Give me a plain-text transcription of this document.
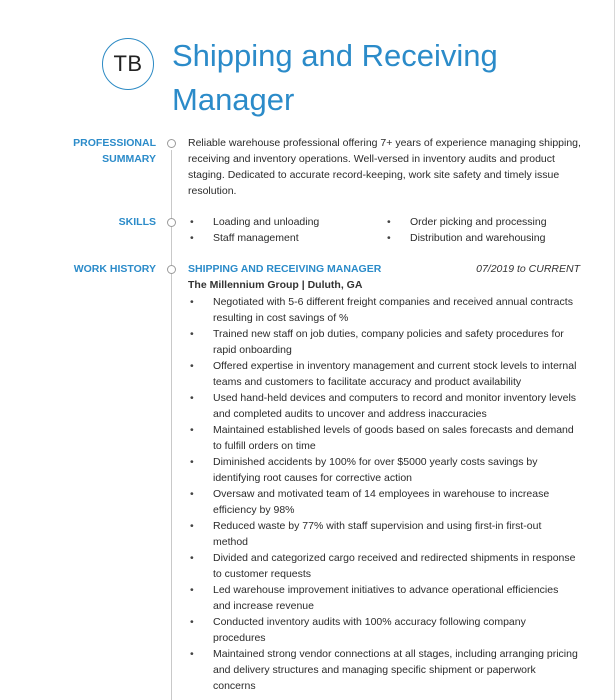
TB Shipping and Receiving Manager
PROFESSIONAL SUMMARY
Reliable warehouse professional offering 7+ years of experience managing shipping, receiving and inventory operations. Well-versed in inventory audits and product staging. Dedicated to accurate record-keeping, work site safety and timely issue resolution.
SKILLS
•	Loading and unloading
• Staff management
• Order picking and processing
• Distribution and warehousing
WORK HISTORY	SHIPPING AND RECEIVING MANAGER	07/2019 to CURRENT
The Millennium Group | Duluth, GA
• Negotiated with 5-6 different freight companies and received annual contracts resulting in cost savings of %
• Trained new staff on job duties, company policies and safety procedures for rapid onboarding
• Offered expertise in inventory management and current stock levels to internal teams and customers to facilitate accuracy and product availability
• Used hand-held devices and computers to record and monitor inventory levels and completed audits to uncover and address inaccuracies
• Maintained established levels of goods based on sales forecasts and demand to fulfill orders on time
• Diminished accidents by 100% for over $5000 yearly costs savings by identifying root causes for corrective action
• Oversaw and motivated team of 14 employees in warehouse to increase efficiency by 98%
• Reduced waste by 77% with staff supervision and using first-in first-out method
• Divided and categorized cargo received and redirected shipments in response to customer requests
• Led warehouse improvement initiatives to advance operational efficiencies and increase revenue
• Conducted inventory audits with 100% accuracy following company procedures
• Maintained strong vendor connections at all stages, including arranging pricing and delivery structures and managing specific shipment or paperwork concerns
